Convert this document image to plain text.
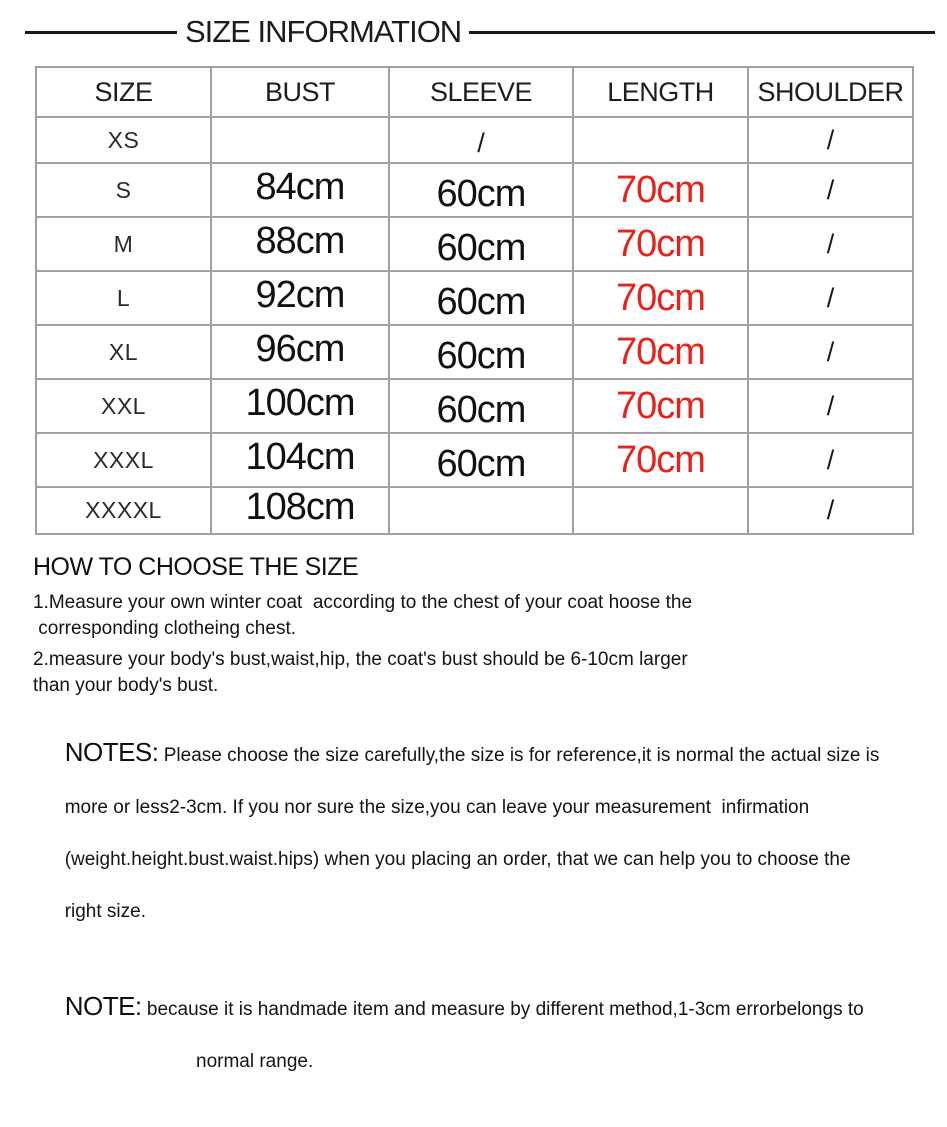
SIZE INFORMATION
SIZE	BUST	SLEEVE	LENGTH	SHOULDER
XS		/		/
S	84cm	60cm	70cm	/
M	88cm	60cm	70cm	/
L	92cm	60cm	70cm	/
XL	96cm	60cm	70cm	/
XXL	100cm	60cm	70cm	/
XXXL	104cm	60cm	70cm	/
XXXXL	108cm			/
HOW TO CHOOSE THE SIZE
1.Measure your own winter coat  according to the chest of your coat hoose the
corresponding clotheing chest.
2.measure your body's bust,waist,hip, the coat's bust should be 6-10cm larger
than your body's bust.

NOTES: Please choose the size carefully,the size is for reference,it is normal the actual size is

more or less2-3cm. If you nor sure the size,you can leave your measurement  infirmation

(weight.height.bust.waist.hips) when you placing an order, that we can help you to choose the

right size.

NOTE: because it is handmade item and measure by different method,1-3cm errorbelongs to

normal range.
